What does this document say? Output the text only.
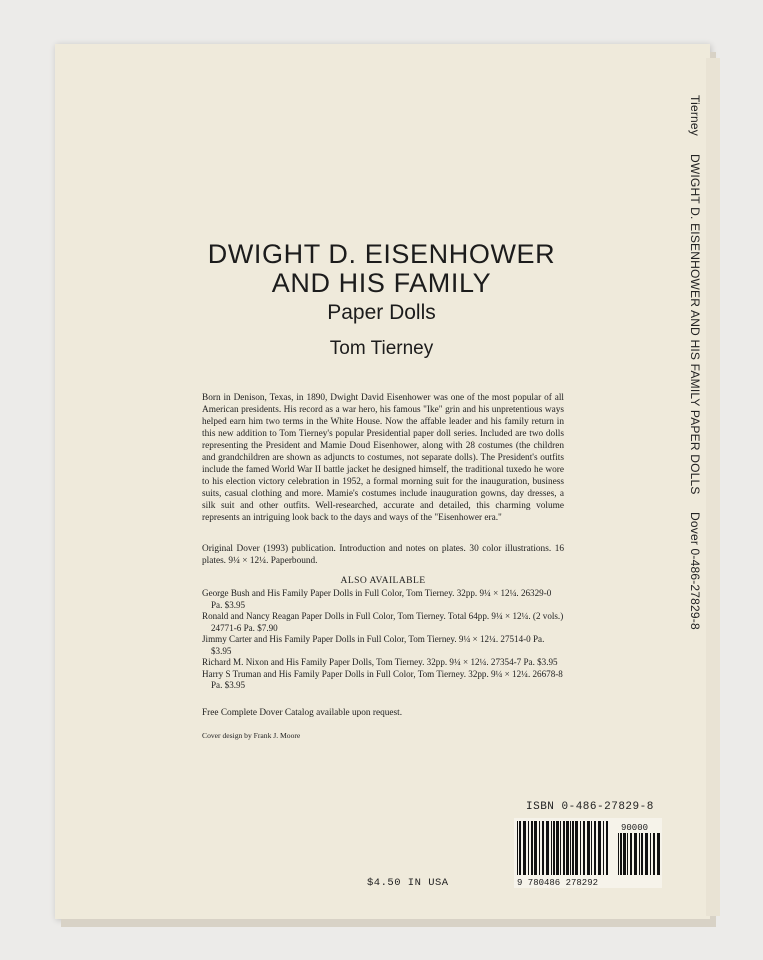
Tierney DWIGHT D. EISENHOWER AND HIS FAMILY PAPER DOLLS Dover 0-486-27829-8
DWIGHT D. EISENHOWER
AND HIS FAMILY
Paper Dolls
Tom Tierney
Born in Denison, Texas, in 1890, Dwight David Eisenhower was one of the most popular of all American presidents. His record as a war hero, his famous "Ike" grin and his unpretentious ways helped earn him two terms in the White House. Now the affable leader and his family return in this new addition to Tom Tierney's popular Presidential paper doll series. Included are two dolls representing the President and Mamie Doud Eisenhower, along with 28 costumes (the children and grandchildren are shown as adjuncts to costumes, not separate dolls). The President's outfits include the famed World War II battle jacket he designed himself, the traditional tuxedo he wore to his election victory celebration in 1952, a formal morning suit for the inauguration, business suits, casual clothing and more. Mamie's costumes include inauguration gowns, day dresses, a silk suit and other outfits. Well-researched, accurate and detailed, this charming volume represents an intriguing look back to the days and ways of the "Eisenhower era."
Original Dover (1993) publication. Introduction and notes on plates. 30 color illustrations. 16 plates. 9¼ × 12¼. Paperbound.
ALSO AVAILABLE
George Bush and His Family Paper Dolls in Full Color, Tom Tierney. 32pp. 9¼ × 12¼. 26329-0 Pa. $3.95
Ronald and Nancy Reagan Paper Dolls in Full Color, Tom Tierney. Total 64pp. 9¼ × 12¼. (2 vols.) 24771-6 Pa. $7.90
Jimmy Carter and His Family Paper Dolls in Full Color, Tom Tierney. 9¼ × 12¼. 27514-0 Pa. $3.95
Richard M. Nixon and His Family Paper Dolls, Tom Tierney. 32pp. 9¼ × 12¼. 27354-7 Pa. $3.95
Harry S Truman and His Family Paper Dolls in Full Color, Tom Tierney. 32pp. 9¼ × 12¼. 26678-8 Pa. $3.95
Free Complete Dover Catalog available upon request.
Cover design by Frank J. Moore
ISBN 0-486-27829-8
90000
9 780486 278292
$4.50 IN USA
